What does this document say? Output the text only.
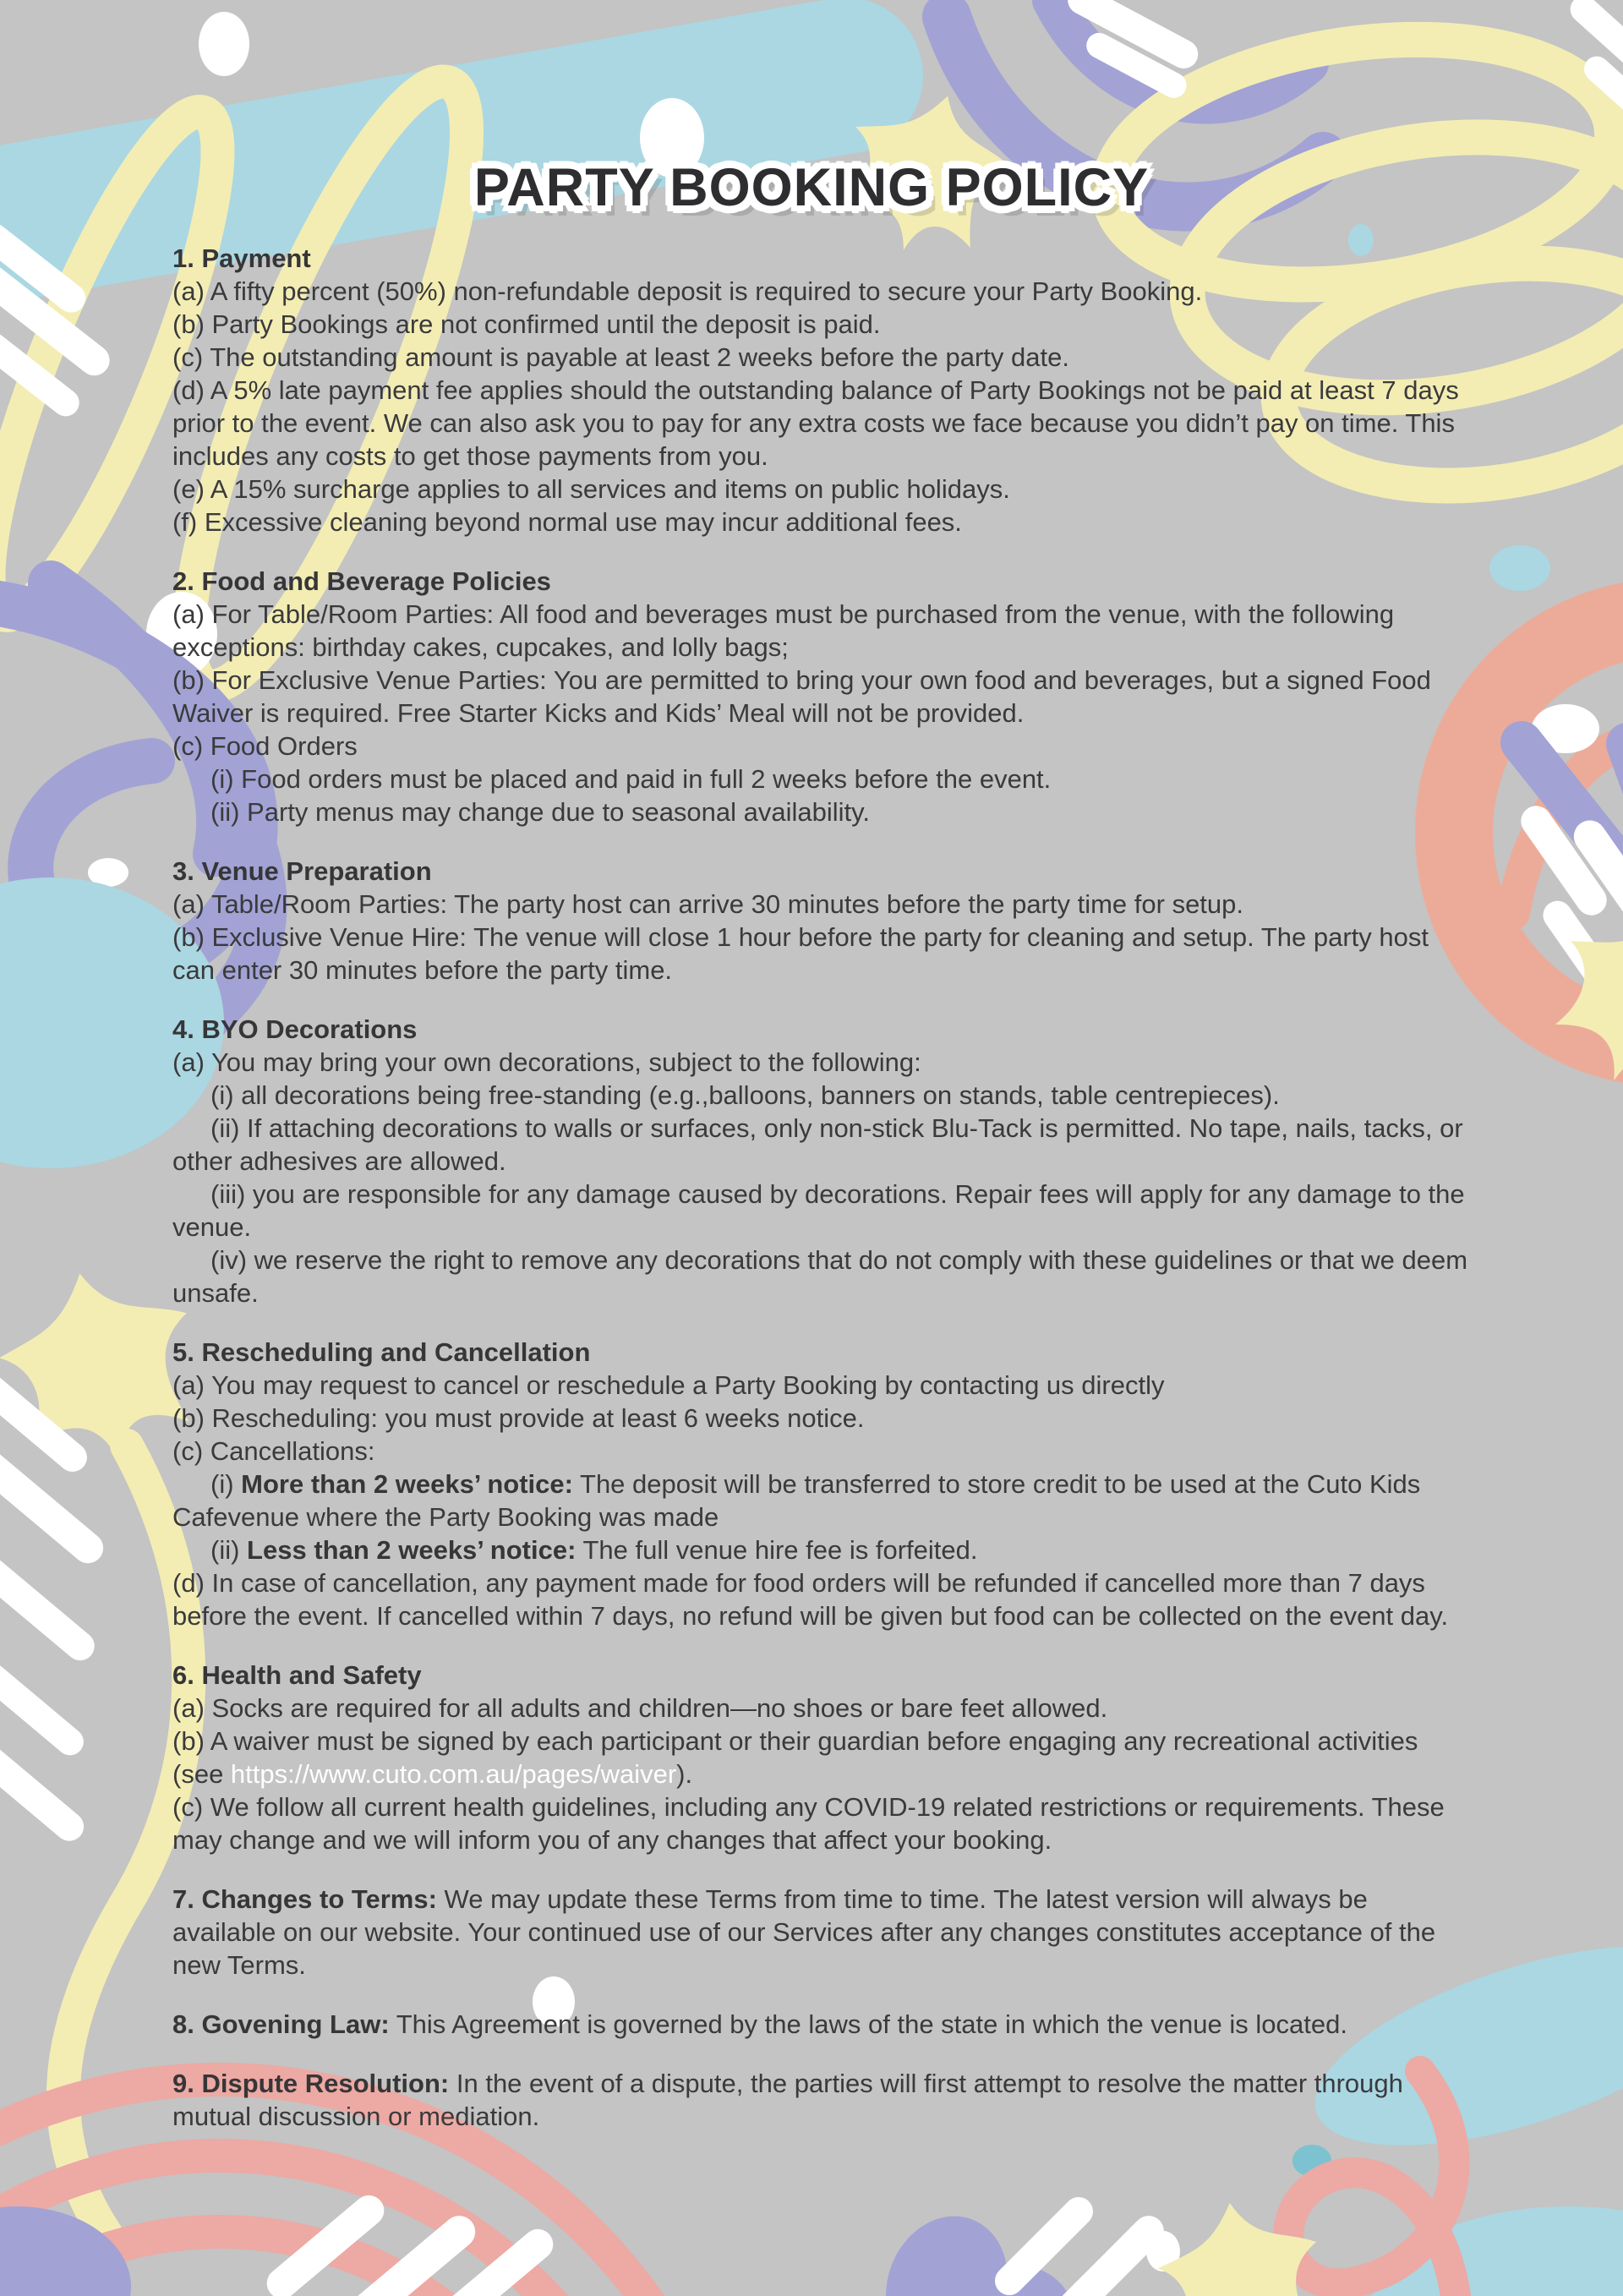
PARTY BOOKING POLICY
1. Payment

(a) A fifty percent (50%) non-refundable deposit is required to secure your Party Booking.

(b) Party Bookings are not confirmed until the deposit is paid.

(c) The outstanding amount is payable at least 2 weeks before the party date.

(d) A 5% late payment fee applies should the outstanding balance of Party Bookings not be paid at least 7 days prior to the event. We can also ask you to pay for any extra costs we face because you didn’t pay on time. This includes any costs to get those payments from you.

(e) A 15% surcharge applies to all services and items on public holidays.

(f) Excessive cleaning beyond normal use may incur additional fees.

2. Food and Beverage Policies

(a) For Table/Room Parties: All food and beverages must be purchased from the venue, with the following exceptions: birthday cakes, cupcakes, and lolly bags;

(b) For Exclusive Venue Parties: You are permitted to bring your own food and beverages, but a signed Food Waiver is required. Free Starter Kicks and Kids’ Meal will not be provided.

(c) Food Orders

(i) Food orders must be placed and paid in full 2 weeks before the event.

(ii) Party menus may change due to seasonal availability.

3. Venue Preparation

(a) Table/Room Parties: The party host can arrive 30 minutes before the party time for setup.

(b) Exclusive Venue Hire: The venue will close 1 hour before the party for cleaning and setup. The party host can enter 30 minutes before the party time.

4. BYO Decorations

(a) You may bring your own decorations, subject to the following:

(i) all decorations being free-standing (e.g.,balloons, banners on stands, table centrepieces).

(ii) If attaching decorations to walls or surfaces, only non-stick Blu-Tack is permitted. No tape, nails, tacks, or other adhesives are allowed.

(iii) you are responsible for any damage caused by decorations. Repair fees will apply for any damage to the venue.

(iv) we reserve the right to remove any decorations that do not comply with these guidelines or that we deem unsafe.

5. Rescheduling and Cancellation

(a) You may request to cancel or reschedule a Party Booking by contacting us directly

(b) Rescheduling: you must provide at least 6 weeks notice.

(c) Cancellations:

(i) More than 2 weeks’ notice: The deposit will be transferred to store credit to be used at the Cuto Kids Cafevenue where the Party Booking was made

(ii) Less than 2 weeks’ notice: The full venue hire fee is forfeited.

(d) In case of cancellation, any payment made for food orders will be refunded if cancelled more than 7 days before the event. If cancelled within 7 days, no refund will be given but food can be collected on the event day.

6. Health and Safety

(a) Socks are required for all adults and children—no shoes or bare feet allowed.

(b) A waiver must be signed by each participant or their guardian before engaging any recreational activities (see https://www.cuto.com.au/pages/waiver).

(c) We follow all current health guidelines, including any COVID-19 related restrictions or requirements. These may change and we will inform you of any changes that affect your booking.

7. Changes to Terms: We may update these Terms from time to time. The latest version will always be available on our website. Your continued use of our Services after any changes constitutes acceptance of the new Terms.

8. Govening Law: This Agreement is governed by the laws of the state in which the venue is located.

9. Dispute Resolution: In the event of a dispute, the parties will first attempt to resolve the matter through mutual discussion or mediation.
